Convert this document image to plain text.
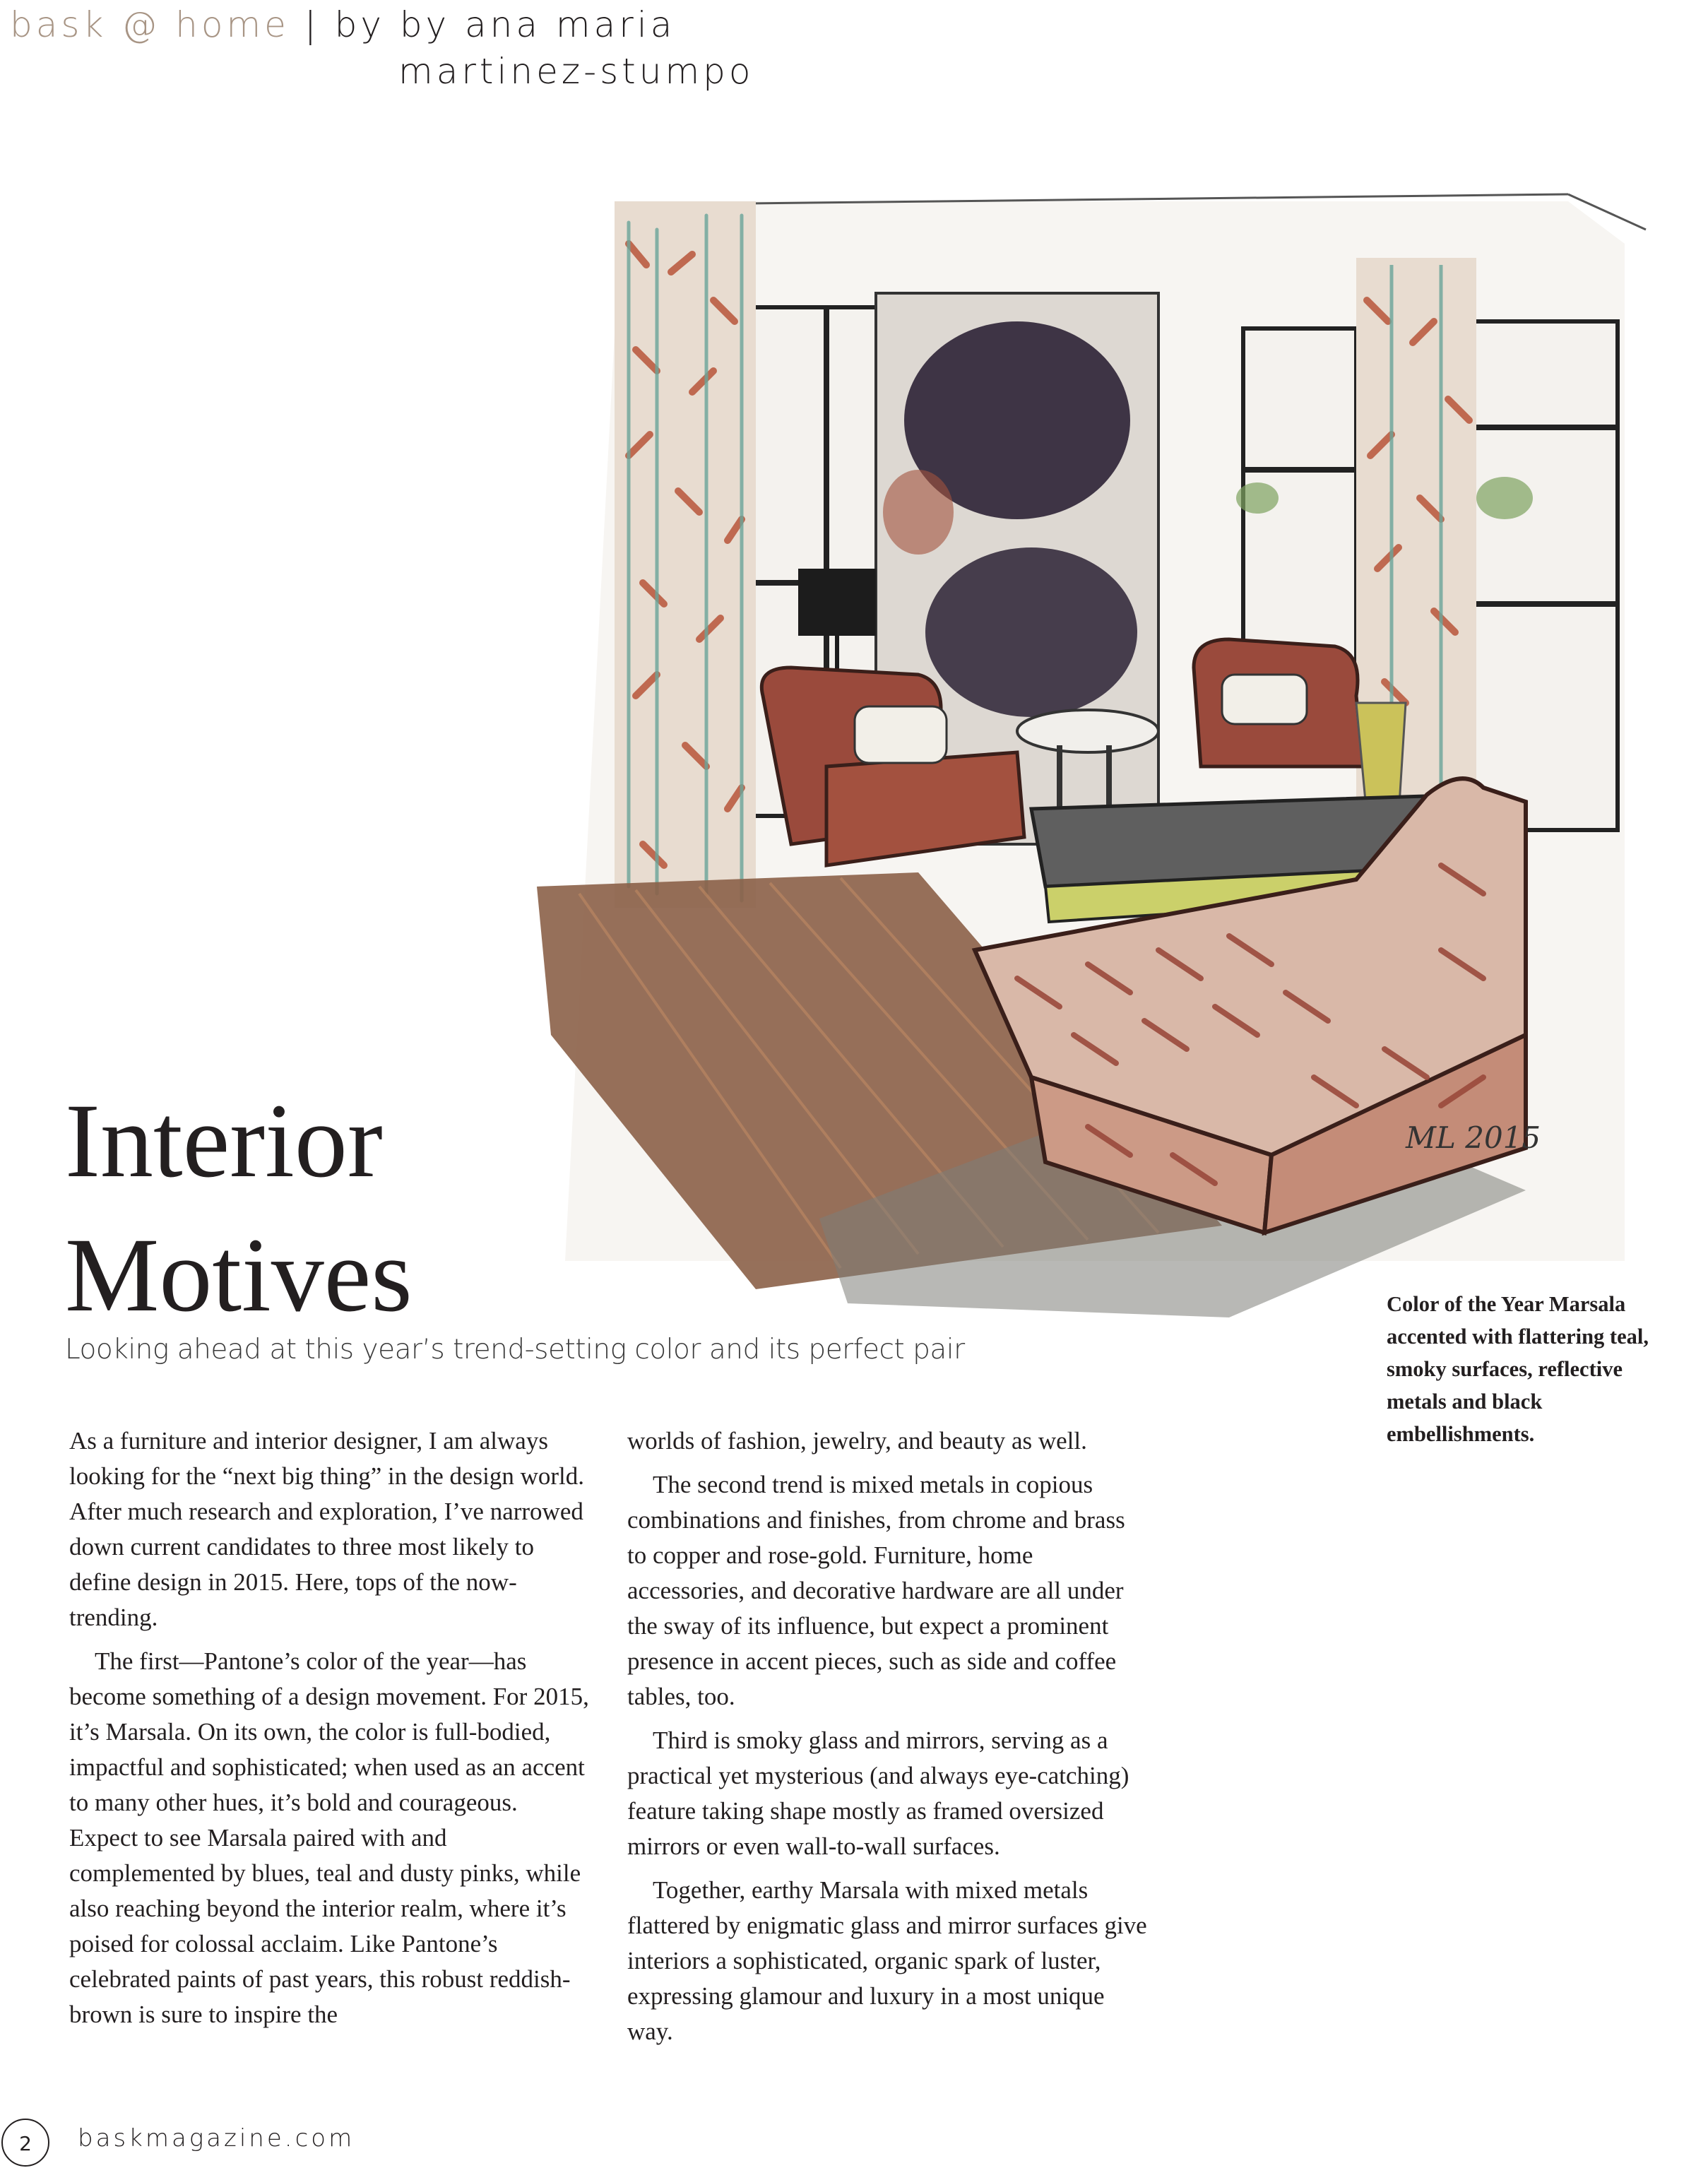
bask @ home | by by ana maria
martinez-stumpo
ML 2015
Interior
Motives
Looking ahead at this year’s trend-setting color and its perfect pair
Color of the Year Marsala accented with flattering teal, smoky surfaces, reflective metals and black embellishments.

As a furniture and interior designer, I am always looking for the “next big thing” in the design world. After much research and exploration, I’ve narrowed down current candidates to three most likely to define design in 2015. Here, tops of the now-trending.

The first—Pantone’s color of the year—has become something of a design movement. For 2015, it’s Marsala. On its own, the color is full-bodied, impactful and sophisticated; when used as an accent to many other hues, it’s bold and courageous. Expect to see Marsala paired with and complemented by blues, teal and dusty pinks, while also reaching beyond the interior realm, where it’s poised for colossal acclaim. Like Pantone’s celebrated paints of past years, this robust reddish-brown is sure to inspire the

worlds of fashion, jewelry, and beauty as well.

The second trend is mixed metals in copious combinations and finishes, from chrome and brass to copper and rose-gold. Furniture, home accessories, and decorative hardware are all under the sway of its influence, but expect a prominent presence in accent pieces, such as side and coffee tables, too.

Third is smoky glass and mirrors, serving as a practical yet mysterious (and always eye-catching) feature taking shape mostly as framed oversized mirrors or even wall-to-wall surfaces.

Together, earthy Marsala with mixed metals flattered by enigmatic glass and mirror surfaces give interiors a sophisticated, organic spark of luster, expressing glamour and luxury in a most unique way.

2	baskmagazine.com
